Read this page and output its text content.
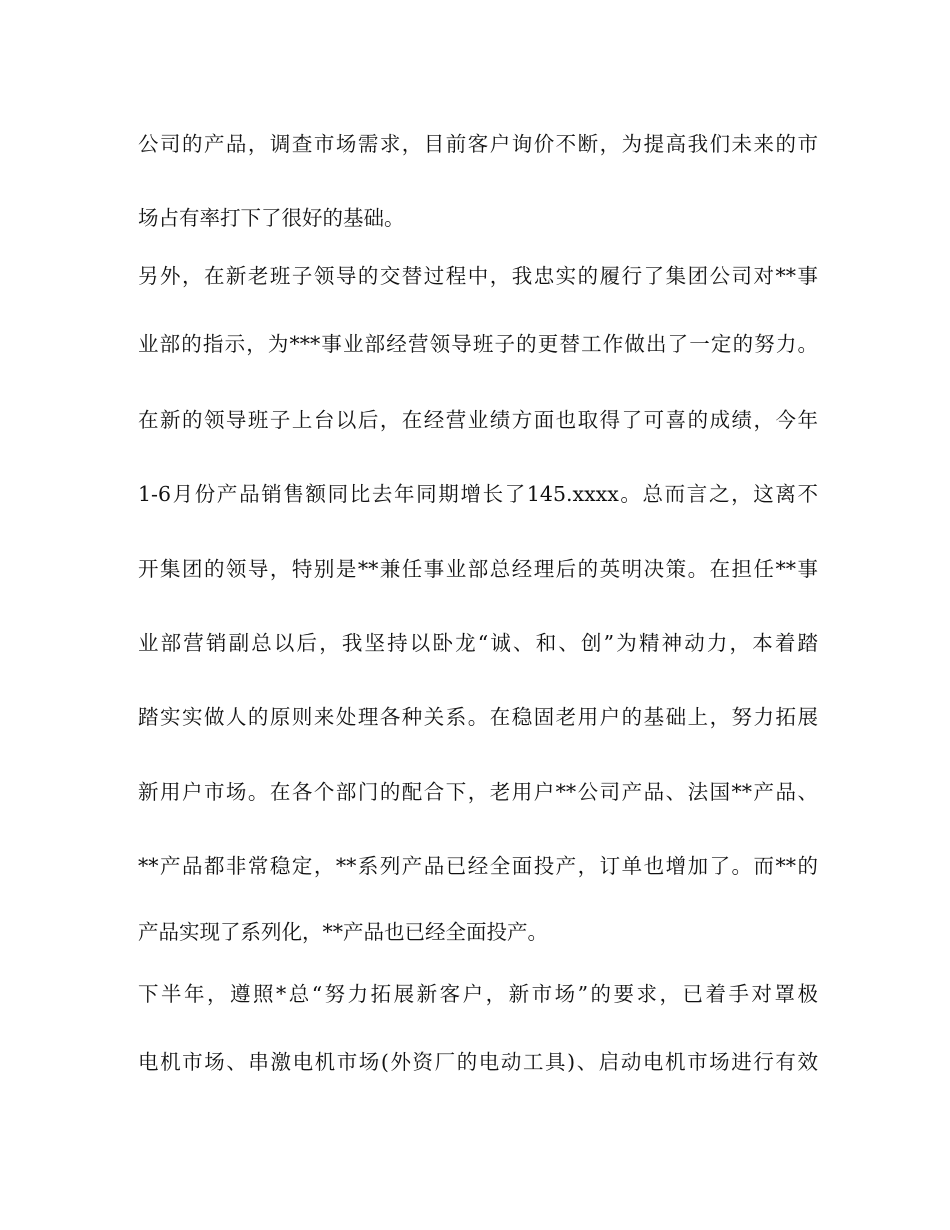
公司的产品，调查市场需求，目前客户询价不断，为提高我们未来的市
场占有率打下了很好的基础。
另外，在新老班子领导的交替过程中，我忠实的履行了集团公司对**事
业部的指示，为***事业部经营领导班子的更替工作做出了一定的努力。
在新的领导班子上台以后，在经营业绩方面也取得了可喜的成绩，今年
1-6月份产品销售额同比去年同期增长了145.xxxx。总而言之，这离不
开集团的领导，特别是**兼任事业部总经理后的英明决策。在担任**事
业部营销副总以后，我坚持以卧龙“诚、和、创”为精神动力，本着踏
踏实实做人的原则来处理各种关系。在稳固老用户的基础上，努力拓展
新用户市场。在各个部门的配合下，老用户**公司产品、法国**产品、
**产品都非常稳定，**系列产品已经全面投产，订单也增加了。而**的
产品实现了系列化，**产品也已经全面投产。
下半年，遵照*总“努力拓展新客户，新市场”的要求，已着手对罩极
电机市场、串激电机市场(外资厂的电动工具)、启动电机市场进行有效
